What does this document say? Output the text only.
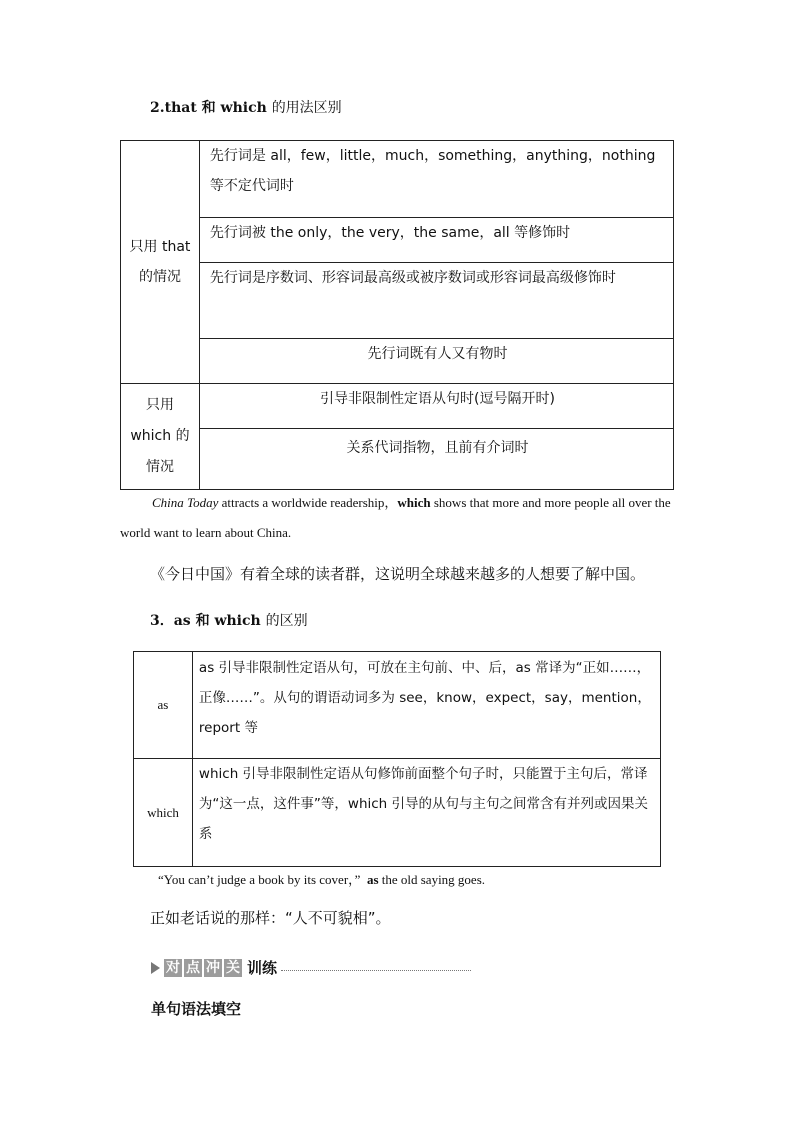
2.that 和 which 的用法区别
只用 that 的情况	先行词是 all，few，little，much，something，anything，nothing 等不定代词时
	先行词被 the only，the very，the same，all 等修饰时
	先行词是序数词、形容词最高级或被序数词或形容词最高级修饰时
	先行词既有人又有物时
只用 which 的情况	引导非限制性定语从句时(逗号隔开时)
	关系代词指物，且前有介词时
China Today attracts a worldwide readership，which shows that more and more people all over the world want to learn about China.
《今日中国》有着全球的读者群，这说明全球越来越多的人想要了解中国。
3．as 和 which 的区别
as	as 引导非限制性定语从句，可放在主句前、中、后，as 常译为“正如……，正像……”。从句的谓语动词多为 see，know，expect，say，mention，report 等
which	which 引导非限制性定语从句修饰前面整个句子时，只能置于主句后，常译为“这一点，这件事”等，which 引导的从句与主句之间常含有并列或因果关系
“You can’t judge a book by its cover，” as the old saying goes.
正如老话说的那样：“人不可貌相”。
对 点 冲 关 训练
单句语法填空
